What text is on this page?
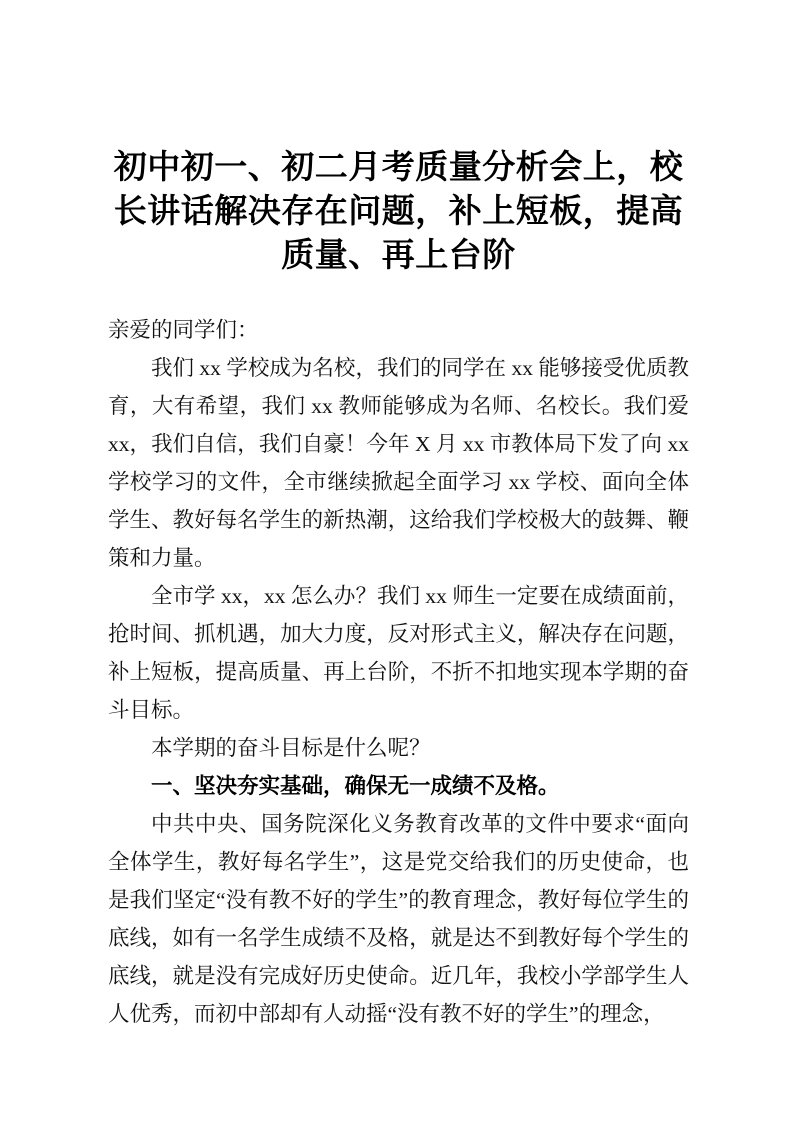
初中初一、初二月考质量分析会上，校长讲话解决存在问题，补上短板，提高质量、再上台阶

亲爱的同学们：

我们 xx 学校成为名校，我们的同学在 xx 能够接受优质教育，大有希望，我们 xx 教师能够成为名师、名校长。我们爱 xx，我们自信，我们自豪！今年 X 月 xx 市教体局下发了向 xx 学校学习的文件，全市继续掀起全面学习 xx 学校、面向全体学生、教好每名学生的新热潮，这给我们学校极大的鼓舞、鞭策和力量。

全市学 xx，xx 怎么办？我们 xx 师生一定要在成绩面前，抢时间、抓机遇，加大力度，反对形式主义，解决存在问题，补上短板，提高质量、再上台阶，不折不扣地实现本学期的奋斗目标。

本学期的奋斗目标是什么呢？

一、坚决夯实基础，确保无一成绩不及格。

中共中央、国务院深化义务教育改革的文件中要求“面向全体学生，教好每名学生”，这是党交给我们的历史使命，也是我们坚定“没有教不好的学生”的教育理念，教好每位学生的底线，如有一名学生成绩不及格，就是达不到教好每个学生的底线，就是没有完成好历史使命。近几年，我校小学部学生人人优秀，而初中部却有人动摇“没有教不好的学生”的理念，
